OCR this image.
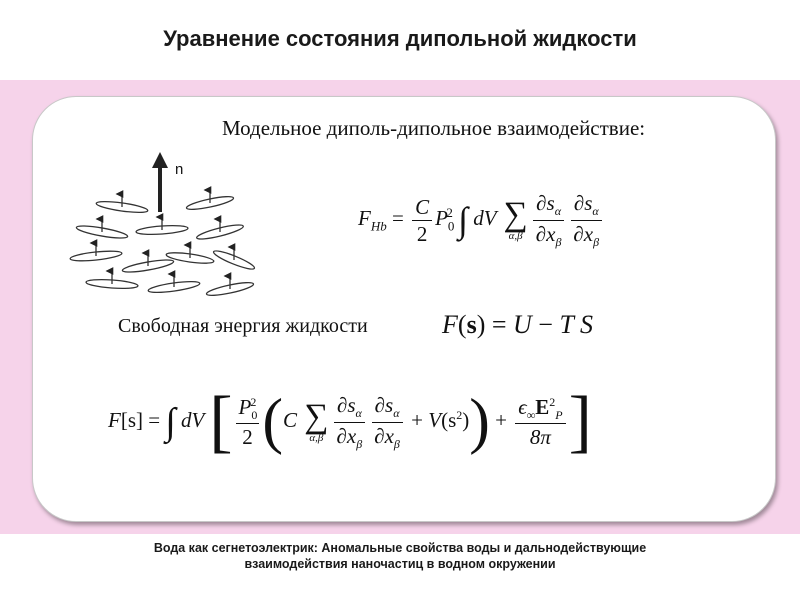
Уравнение состояния дипольной жидкости
Модельное диполь-дипольное взаимодействие:
n
$F_{Hb} = \frac{C}{2} P_0^2$ ∫ dV ∑
$\alpha,\beta \frac{\partial s_\alpha}{\partial x_\beta} \frac{\partial s_\alpha}{\partial x_\beta}$
Свободная энергия жидкости	F(s) = U − T S
F[s] = ∫ dV [ $\frac{P_0^2}{2} (C$ ∑
$\alpha,\beta \frac{\partial s_\alpha}{\partial x_\beta} \frac{\partial s_\alpha}{\partial x_\beta} + V(s^2)) + \frac{\epsilon_\infty E^2_P}{8\pi}$ ]
Вода как сегнетоэлектрик: Аномальные свойства воды и дальнодействующие взаимодействия наночастиц в водном окружении
